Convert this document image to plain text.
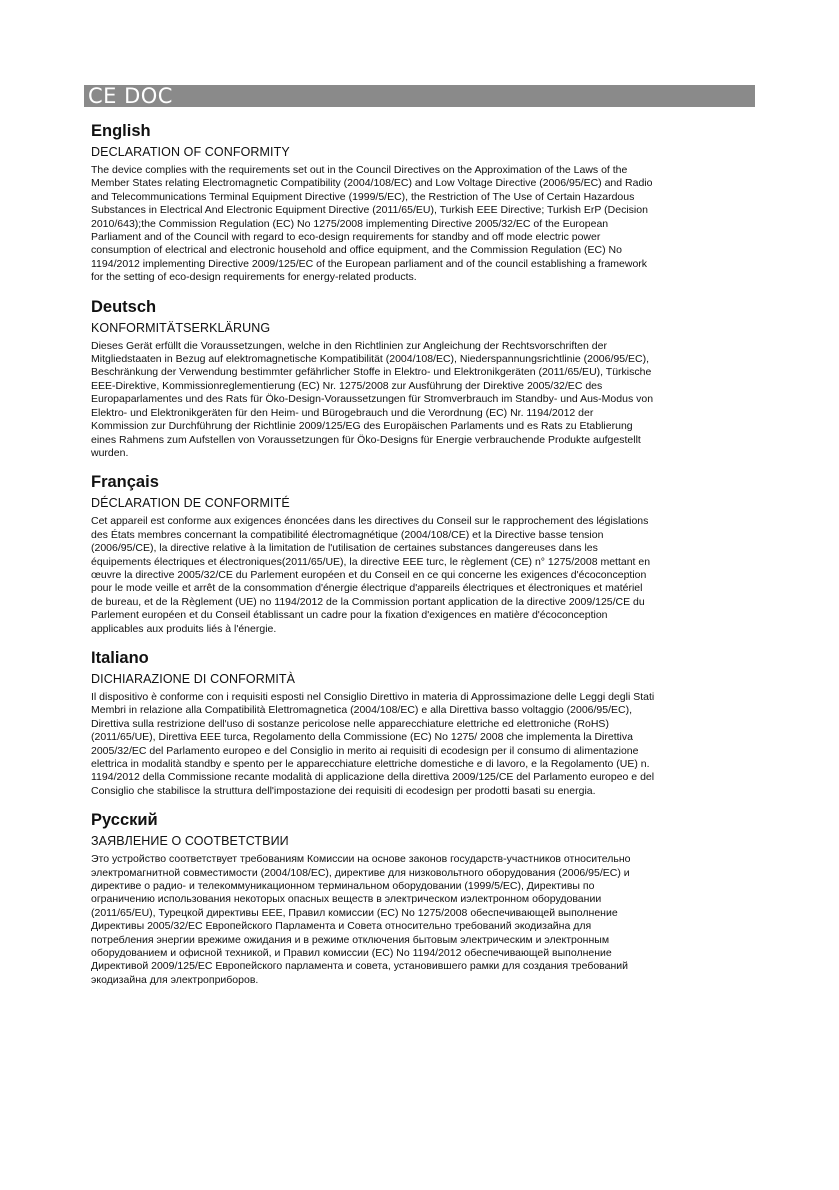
CE DOC
English
DECLARATION OF CONFORMITY

The device complies with the requirements set out in the Council Directives on the Approximation of the Laws of the
Member States relating Electromagnetic Compatibility (2004/108/EC) and Low Voltage Directive (2006/95/EC) and Radio
and Telecommunications Terminal Equipment Directive (1999/5/EC), the Restriction of The Use of Certain Hazardous
Substances in Electrical And Electronic Equipment Directive (2011/65/EU), Turkish EEE Directive; Turkish ErP (Decision
2010/643);the Commission Regulation (EC) No 1275/2008 implementing Directive 2005/32/EC of the European
Parliament and of the Council with regard to eco-design requirements for standby and off mode electric power
consumption of electrical and electronic household and office equipment, and the Commission Regulation (EC) No
1194/2012 implementing Directive 2009/125/EC of the European parliament and of the council establishing a framework
for the setting of eco-design requirements for energy-related products.

Deutsch
KONFORMITÄTSERKLÄRUNG

Dieses Gerät erfüllt die Voraussetzungen, welche in den Richtlinien zur Angleichung der Rechtsvorschriften der
Mitgliedstaaten in Bezug auf elektromagnetische Kompatibilität (2004/108/EC), Niederspannungsrichtlinie (2006/95/EC),
Beschränkung der Verwendung bestimmter gefährlicher Stoffe in Elektro- und Elektronikgeräten (2011/65/EU), Türkische
EEE-Direktive, Kommissionreglementierung (EC) Nr. 1275/2008 zur Ausführung der Direktive 2005/32/EC des
Europaparlamentes und des Rats für Öko-Design-Voraussetzungen für Stromverbrauch im Standby- und Aus-Modus von
Elektro- und Elektronikgeräten für den Heim- und Bürogebrauch und die Verordnung (EC) Nr. 1194/2012 der
Kommission zur Durchführung der Richtlinie 2009/125/EG des Europäischen Parlaments und es Rats zu Etablierung
eines Rahmens zum Aufstellen von Voraussetzungen für Öko-Designs für Energie verbrauchende Produkte aufgestellt
wurden.

Français
DÉCLARATION DE CONFORMITÉ

Cet appareil est conforme aux exigences énoncées dans les directives du Conseil sur le rapprochement des législations
des États membres concernant la compatibilité électromagnétique (2004/108/CE) et la Directive basse tension
(2006/95/CE), la directive relative à la limitation de l'utilisation de certaines substances dangereuses dans les
équipements électriques et électroniques(2011/65/UE), la directive EEE turc, le règlement (CE) n° 1275/2008 mettant en
œuvre la directive 2005/32/CE du Parlement européen et du Conseil en ce qui concerne les exigences d'écoconception
pour le mode veille et arrêt de la consommation d'énergie électrique d'appareils électriques et électroniques et matériel
de bureau, et de la Règlement (UE) no 1194/2012 de la Commission portant application de la directive 2009/125/CE du
Parlement européen et du Conseil établissant un cadre pour la fixation d'exigences en matière d'écoconception
applicables aux produits liés à l'énergie.

Italiano
DICHIARAZIONE DI CONFORMITÀ

Il dispositivo è conforme con i requisiti esposti nel Consiglio Direttivo in materia di Approssimazione delle Leggi degli Stati
Membri in relazione alla Compatibilità Elettromagnetica (2004/108/EC) e alla Direttiva basso voltaggio (2006/95/EC),
Direttiva sulla restrizione dell'uso di sostanze pericolose nelle apparecchiature elettriche ed elettroniche (RoHS)
(2011/65/UE), Direttiva EEE turca, Regolamento della Commissione (EC) No 1275/ 2008 che implementa la Direttiva
2005/32/EC del Parlamento europeo e del Consiglio in merito ai requisiti di ecodesign per il consumo di alimentazione
elettrica in modalità standby e spento per le apparecchiature elettriche domestiche e di lavoro, e la Regolamento (UE) n.
1194/2012 della Commissione recante modalità di applicazione della direttiva 2009/125/CE del Parlamento europeo e del
Consiglio che stabilisce la struttura dell'impostazione dei requisiti di ecodesign per prodotti basati su energia.

Русский
ЗАЯВЛЕНИЕ О СООТВЕТСТВИИ

Это устройство соответствует требованиям Комиссии на основе законов государств-участников относительно
электромагнитной совместимости (2004/108/EC), директиве для низковольтного оборудования (2006/95/EC) и
директиве о радио- и телекоммуникационном терминальном оборудовании (1999/5/EC), Директивы по
ограничению использования некоторых опасных веществ в электрическом иэлектронном оборудовании
(2011/65/EU), Турецкой директивы EEE, Правил комиссии (EC) No 1275/2008 обеспечивающей выполнение
Директивы 2005/32/EC Европейского Парламента и Совета относительно требований экодизайна для
потребления энергии врежиме ожидания и в режиме отключения бытовым электрическим и электронным
оборудованием и офисной техникой, и Правил комиссии (EC) No 1194/2012 обеспечивающей выполнение
Директивой 2009/125/EC Европейского парламента и совета, установившего рамки для создания требований
экодизайна для электроприборов.
